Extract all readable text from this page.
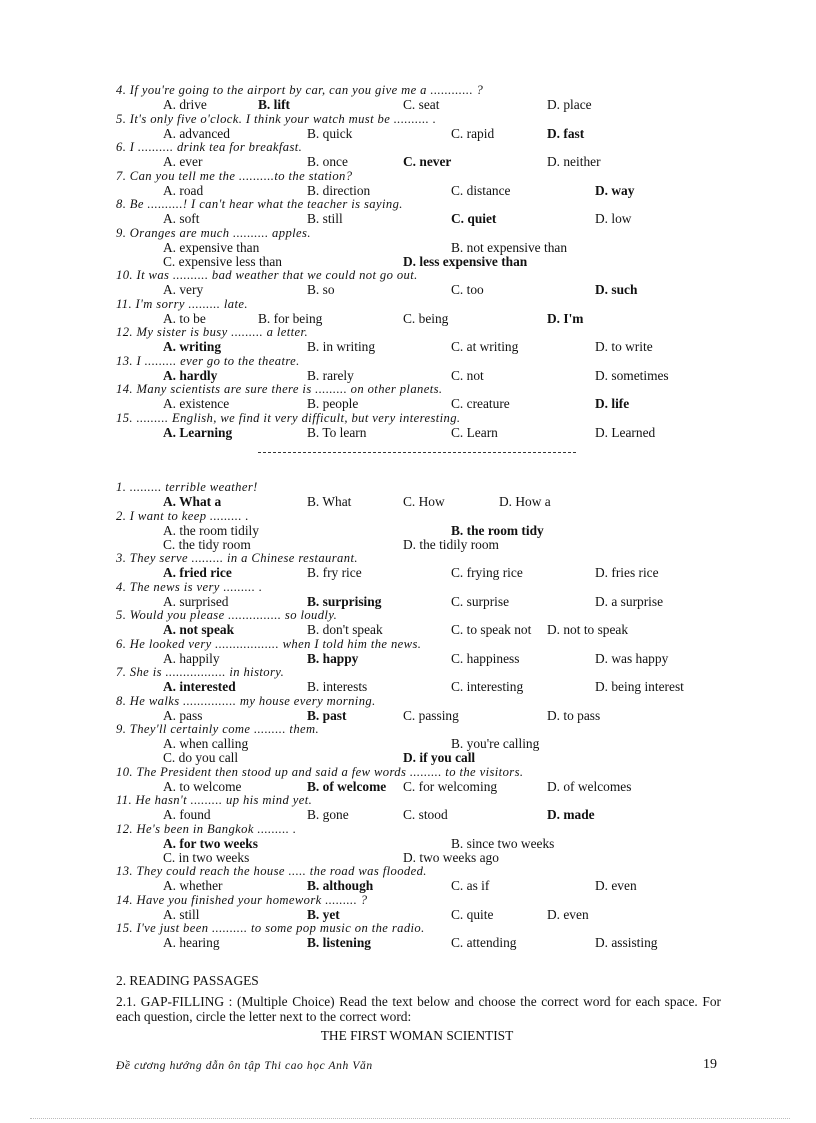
4. If you're going to the airport by car, can you give me a ............ ?
A. drive	B. lift	C. seat	D. place
5. It's only five o'clock. I think your watch must be .......... .
A. advanced	B. quick	C. rapid	D. fast
6. I .......... drink tea for breakfast.
A. ever	B. once	C. never	D. neither
7. Can you tell me the ..........to the station?
A. road	B. direction	C. distance	D. way
8. Be ..........! I can't hear what the teacher is saying.
A. soft	B. still	C. quiet	D. low
9. Oranges are much .......... apples.
A. expensive than	B. not expensive than
C. expensive less than	D. less expensive than
10. It was .......... bad weather that we could not go out.
A. very	B. so	C. too	D. such
11. I'm sorry ......... late.
A. to be	B. for being	C. being	D. I'm
12. My sister is busy ......... a letter.
A. writing	B. in writing	C. at writing	D. to write
13. I ......... ever go to the theatre.
A. hardly	B. rarely	C. not	D. sometimes
14. Many scientists are sure there is ......... on other planets.
A. existence	B. people	C. creature	D. life
15. ......... English, we find it very difficult, but very interesting.
A. Learning	B. To learn	C. Learn	D. Learned
1. ......... terrible weather!
A. What a	B. What	C. How	D. How a
2. I want to keep ......... .
A. the room tidily	B. the room tidy
C. the tidy room	D. the tidily room
3. They serve ......... in a Chinese restaurant.
A. fried rice	B. fry rice	C. frying rice	D. fries rice
4. The news is very ......... .
A. surprised	B. surprising	C. surprise	D. a surprise
5. Would you please ............... so loudly.
A. not speak	B. don't speak	C. to speak not D. not to speak
6. He looked very .................. when I told him the news.
A. happily	B. happy	C. happiness	D. was happy
7. She is ................. in history.
A. interested	B. interests	C. interesting	D. being interest
8. He walks ............... my house every morning.
A. pass	B. past	C. passing	D. to pass
9. They'll certainly come ......... them.
A. when calling	B. you're calling
C. do you call	D. if you call
10. The President then stood up and said a few words ......... to the visitors.
A. to welcome	B. of welcome C. for welcoming	D. of welcomes
11. He hasn't ......... up his mind yet.
A. found	B. gone	C. stood	D. made
12. He's been in Bangkok ......... .
A. for two weeks	B. since two weeks
C. in two weeks	D. two weeks ago
13. They could reach the house ..... the road was flooded.
A. whether	B. although	C. as if	D. even
14. Have you finished your homework ......... ?
A. still	B. yet	C. quite	D. even
15. I've just been .......... to some pop music on the radio.
A. hearing	B. listening	C. attending	D. assisting
2. READING PASSAGES
2.1. GAP-FILLING : (Multiple Choice) Read the text below and choose the correct word for each space. For each question, circle the letter next to the correct word:
THE FIRST WOMAN SCIENTIST
Đề cương hướng dẫn ôn tập Thi cao học Anh Văn	19
